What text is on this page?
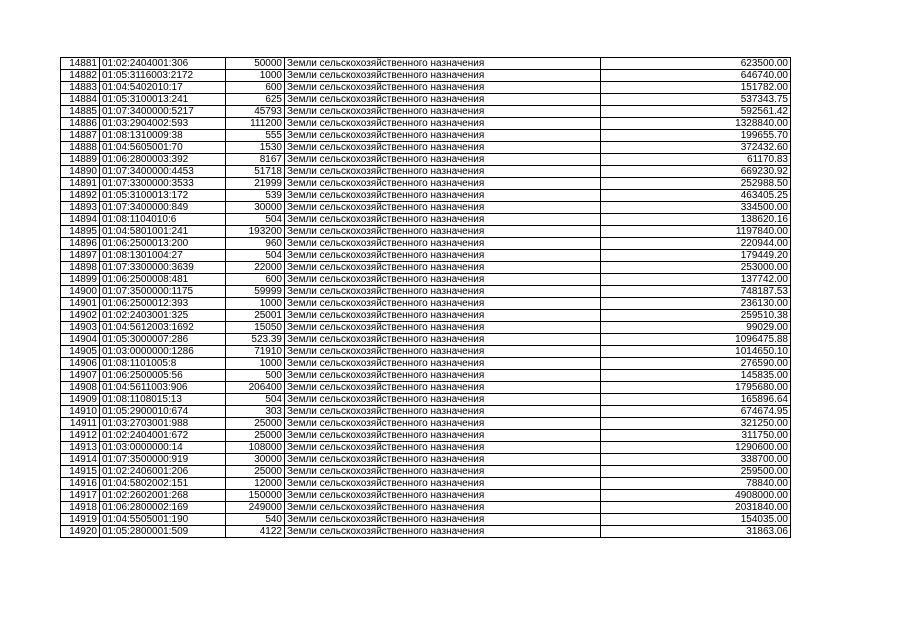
14881	01:02:2404001:306	50000	Земли сельскохозяйственного назначения	623500.00
14882	01:05:3116003:2172	1000	Земли сельскохозяйственного назначения	646740.00
14883	01:04:5402010:17	600	Земли сельскохозяйственного назначения	151782.00
14884	01:05:3100013:241	625	Земли сельскохозяйственного назначения	537343.75
14885	01:07:3400000:5217	45793	Земли сельскохозяйственного назначения	592561.42
14886	01:03:2904002:593	111200	Земли сельскохозяйственного назначения	1328840.00
14887	01:08:1310009:38	555	Земли сельскохозяйственного назначения	199655.70
14888	01:04:5605001:70	1530	Земли сельскохозяйственного назначения	372432.60
14889	01:06:2800003:392	8167	Земли сельскохозяйственного назначения	61170.83
14890	01:07:3400000:4453	51718	Земли сельскохозяйственного назначения	669230.92
14891	01:07:3300000:3533	21999	Земли сельскохозяйственного назначения	252988.50
14892	01:05:3100013:172	539	Земли сельскохозяйственного назначения	463405.25
14893	01:07:3400000:849	30000	Земли сельскохозяйственного назначения	334500.00
14894	01:08:1104010:6	504	Земли сельскохозяйственного назначения	138620.16
14895	01:04:5801001:241	193200	Земли сельскохозяйственного назначения	1197840.00
14896	01:06:2500013:200	960	Земли сельскохозяйственного назначения	220944.00
14897	01:08:1301004:27	504	Земли сельскохозяйственного назначения	179449.20
14898	01:07:3300000:3639	22000	Земли сельскохозяйственного назначения	253000.00
14899	01:06:2500008:481	600	Земли сельскохозяйственного назначения	137742.00
14900	01:07:3500000:1175	59999	Земли сельскохозяйственного назначения	748187.53
14901	01:06:2500012:393	1000	Земли сельскохозяйственного назначения	236130.00
14902	01:02:2403001:325	25001	Земли сельскохозяйственного назначения	259510.38
14903	01:04:5612003:1692	15050	Земли сельскохозяйственного назначения	99029.00
14904	01:05:3000007:286	523.39	Земли сельскохозяйственного назначения	1096475.88
14905	01:03:0000000:1286	71910	Земли сельскохозяйственного назначения	1014650.10
14906	01:08:1101005:8	1000	Земли сельскохозяйственного назначения	276590.00
14907	01:06:2500005:56	500	Земли сельскохозяйственного назначения	145835.00
14908	01:04:5611003:906	206400	Земли сельскохозяйственного назначения	1795680.00
14909	01:08:1108015:13	504	Земли сельскохозяйственного назначения	165896.64
14910	01:05:2900010:674	303	Земли сельскохозяйственного назначения	674674.95
14911	01:03:2703001:988	25000	Земли сельскохозяйственного назначения	321250.00
14912	01:02:2404001:672	25000	Земли сельскохозяйственного назначения	311750.00
14913	01:03:0000000:14	108000	Земли сельскохозяйственного назначения	1290600.00
14914	01:07:3500000:919	30000	Земли сельскохозяйственного назначения	338700.00
14915	01:02:2406001:206	25000	Земли сельскохозяйственного назначения	259500.00
14916	01:04:5802002:151	12000	Земли сельскохозяйственного назначения	78840.00
14917	01:02:2602001:268	150000	Земли сельскохозяйственного назначения	4908000.00
14918	01:06:2800002:169	249000	Земли сельскохозяйственного назначения	2031840.00
14919	01:04:5505001:190	540	Земли сельскохозяйственного назначения	154035.00
14920	01:05:2800001:509	4122	Земли сельскохозяйственного назначения	31863.06
